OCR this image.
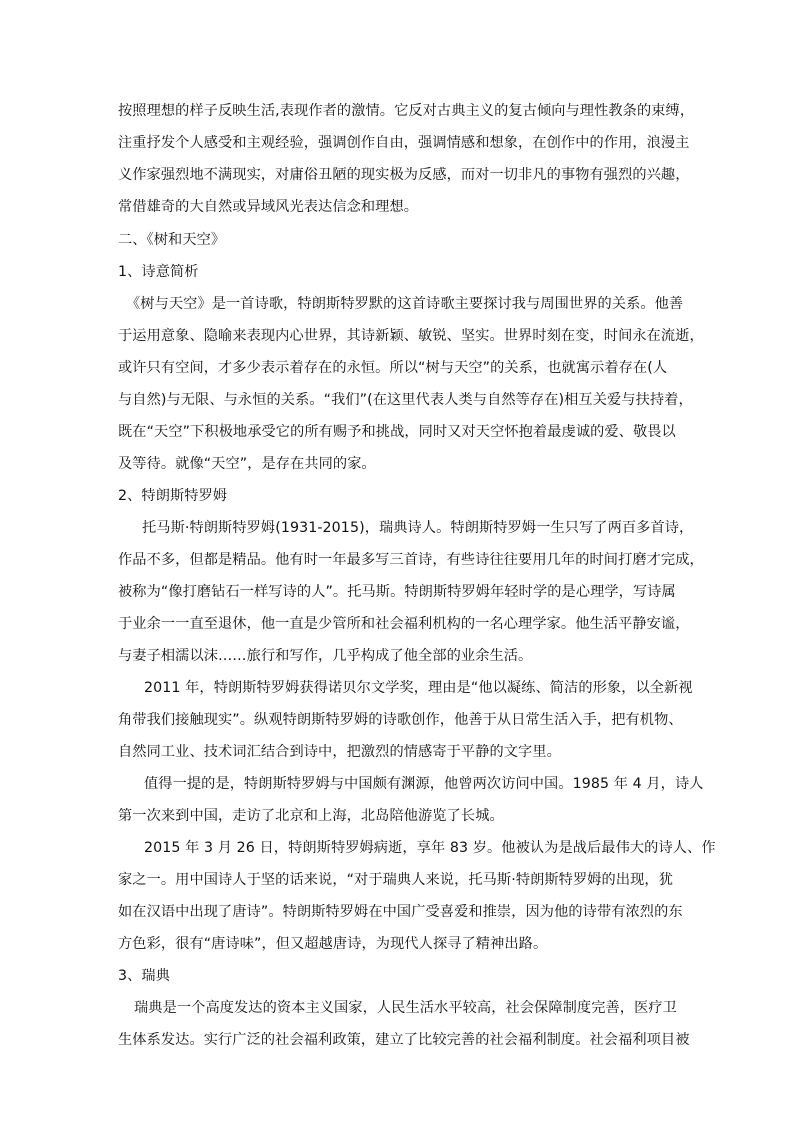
按照理想的样子反映生活,表现作者的激情。它反对古典主义的复古倾向与理性教条的束缚，
注重抒发个人感受和主观经验，强调创作自由，强调情感和想象，在创作中的作用，浪漫主
义作家强烈地不满现实，对庸俗丑陋的现实极为反感，而对一切非凡的事物有强烈的兴趣，
常借雄奇的大自然或异域风光表达信念和理想。
二、《树和天空》
1、诗意简析
《树与天空》是一首诗歌，特朗斯特罗默的这首诗歌主要探讨我与周围世界的关系。他善
于运用意象、隐喻来表现内心世界，其诗新颖、敏锐、坚实。世界时刻在变，时间永在流逝，
或许只有空间，才多少表示着存在的永恒。所以“树与天空”的关系，也就寓示着存在(人
与自然)与无限、与永恒的关系。“我们”(在这里代表人类与自然等存在)相互关爱与扶持着，
既在“天空”下积极地承受它的所有赐予和挑战，同时又对天空怀抱着最虔诚的爱、敬畏以
及等待。就像“天空”，是存在共同的家。
2、特朗斯特罗姆
托马斯·特朗斯特罗姆(1931-2015)，瑞典诗人。特朗斯特罗姆一生只写了两百多首诗，
作品不多，但都是精品。他有时一年最多写三首诗，有些诗往往要用几年的时间打磨才完成，
被称为“像打磨钻石一样写诗的人”。托马斯。特朗斯特罗姆年轻时学的是心理学，写诗属
于业余一一直至退休，他一直是少管所和社会福利机构的一名心理学家。他生活平静安谧，
与妻子相濡以沫……旅行和写作，几乎构成了他全部的业余生活。
2011 年，特朗斯特罗姆获得诺贝尔文学奖，理由是“他以凝练、简洁的形象，以全新视
角带我们接触现实”。纵观特朗斯特罗姆的诗歌创作，他善于从日常生活入手，把有机物、
自然同工业、技术词汇结合到诗中，把激烈的情感寄于平静的文字里。
值得一提的是，特朗斯特罗姆与中国颇有渊源，他曾两次访问中国。1985 年 4 月，诗人
第一次来到中国，走访了北京和上海，北岛陪他游览了长城。
2015 年 3 月 26 日，特朗斯特罗姆病逝，享年 83 岁。他被认为是战后最伟大的诗人、作
家之一。用中国诗人于坚的话来说，“对于瑞典人来说，托马斯·特朗斯特罗姆的出现，犹
如在汉语中出现了唐诗”。特朗斯特罗姆在中国广受喜爱和推崇，因为他的诗带有浓烈的东
方色彩，很有“唐诗味”，但又超越唐诗，为现代人探寻了精神出路。
3、瑞典
瑞典是一个高度发达的资本主义国家，人民生活水平较高，社会保障制度完善，医疗卫
生体系发达。实行广泛的社会福利政策，建立了比较完善的社会福利制度。社会福利项目被
